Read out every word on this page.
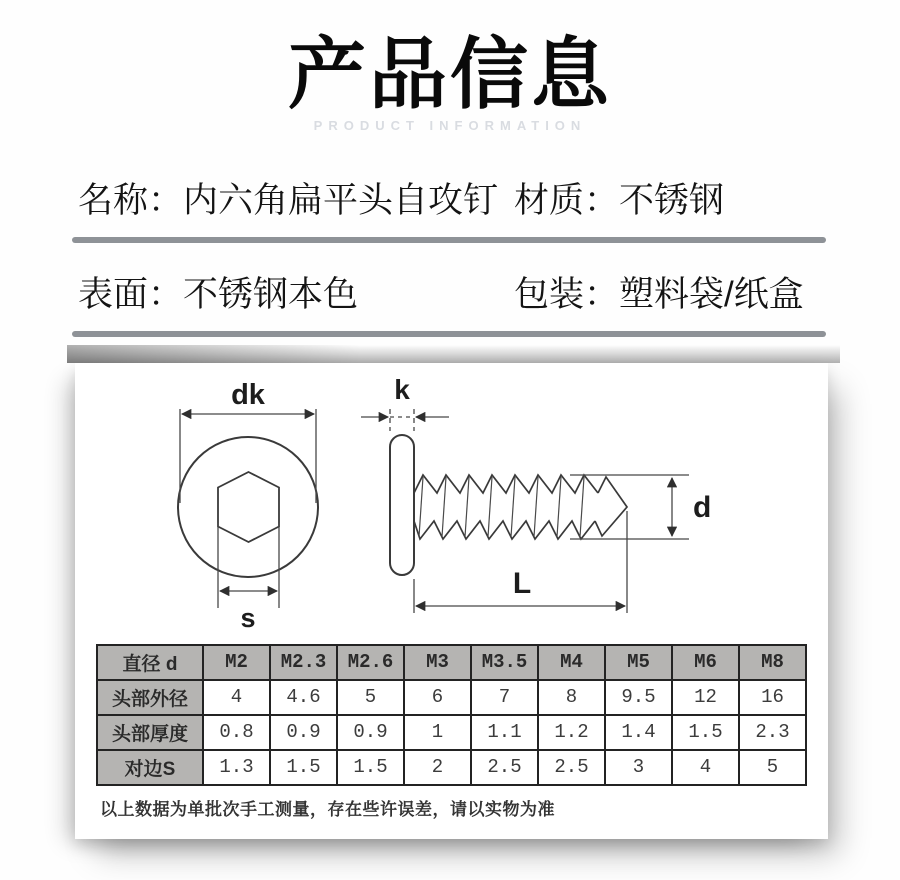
产品信息
PRODUCT INFORMATION
名称：内六角扁平头自攻钉 材质：不锈钢
表面：不锈钢本色	包装：塑料袋/纸盒
dk
s
k
d
L
直径 d	M2	M2.3	M2.6	M3	M3.5	M4	M5	M6	M8
头部外径	4	4.6	5	6	7	8	9.5	12	16
头部厚度	0.8	0.9	0.9	1	1.1	1.2	1.4	1.5	2.3
对边S	1.3	1.5	1.5	2	2.5	2.5	3	4	5
以上数据为单批次手工测量，存在些许误差，请以实物为准
